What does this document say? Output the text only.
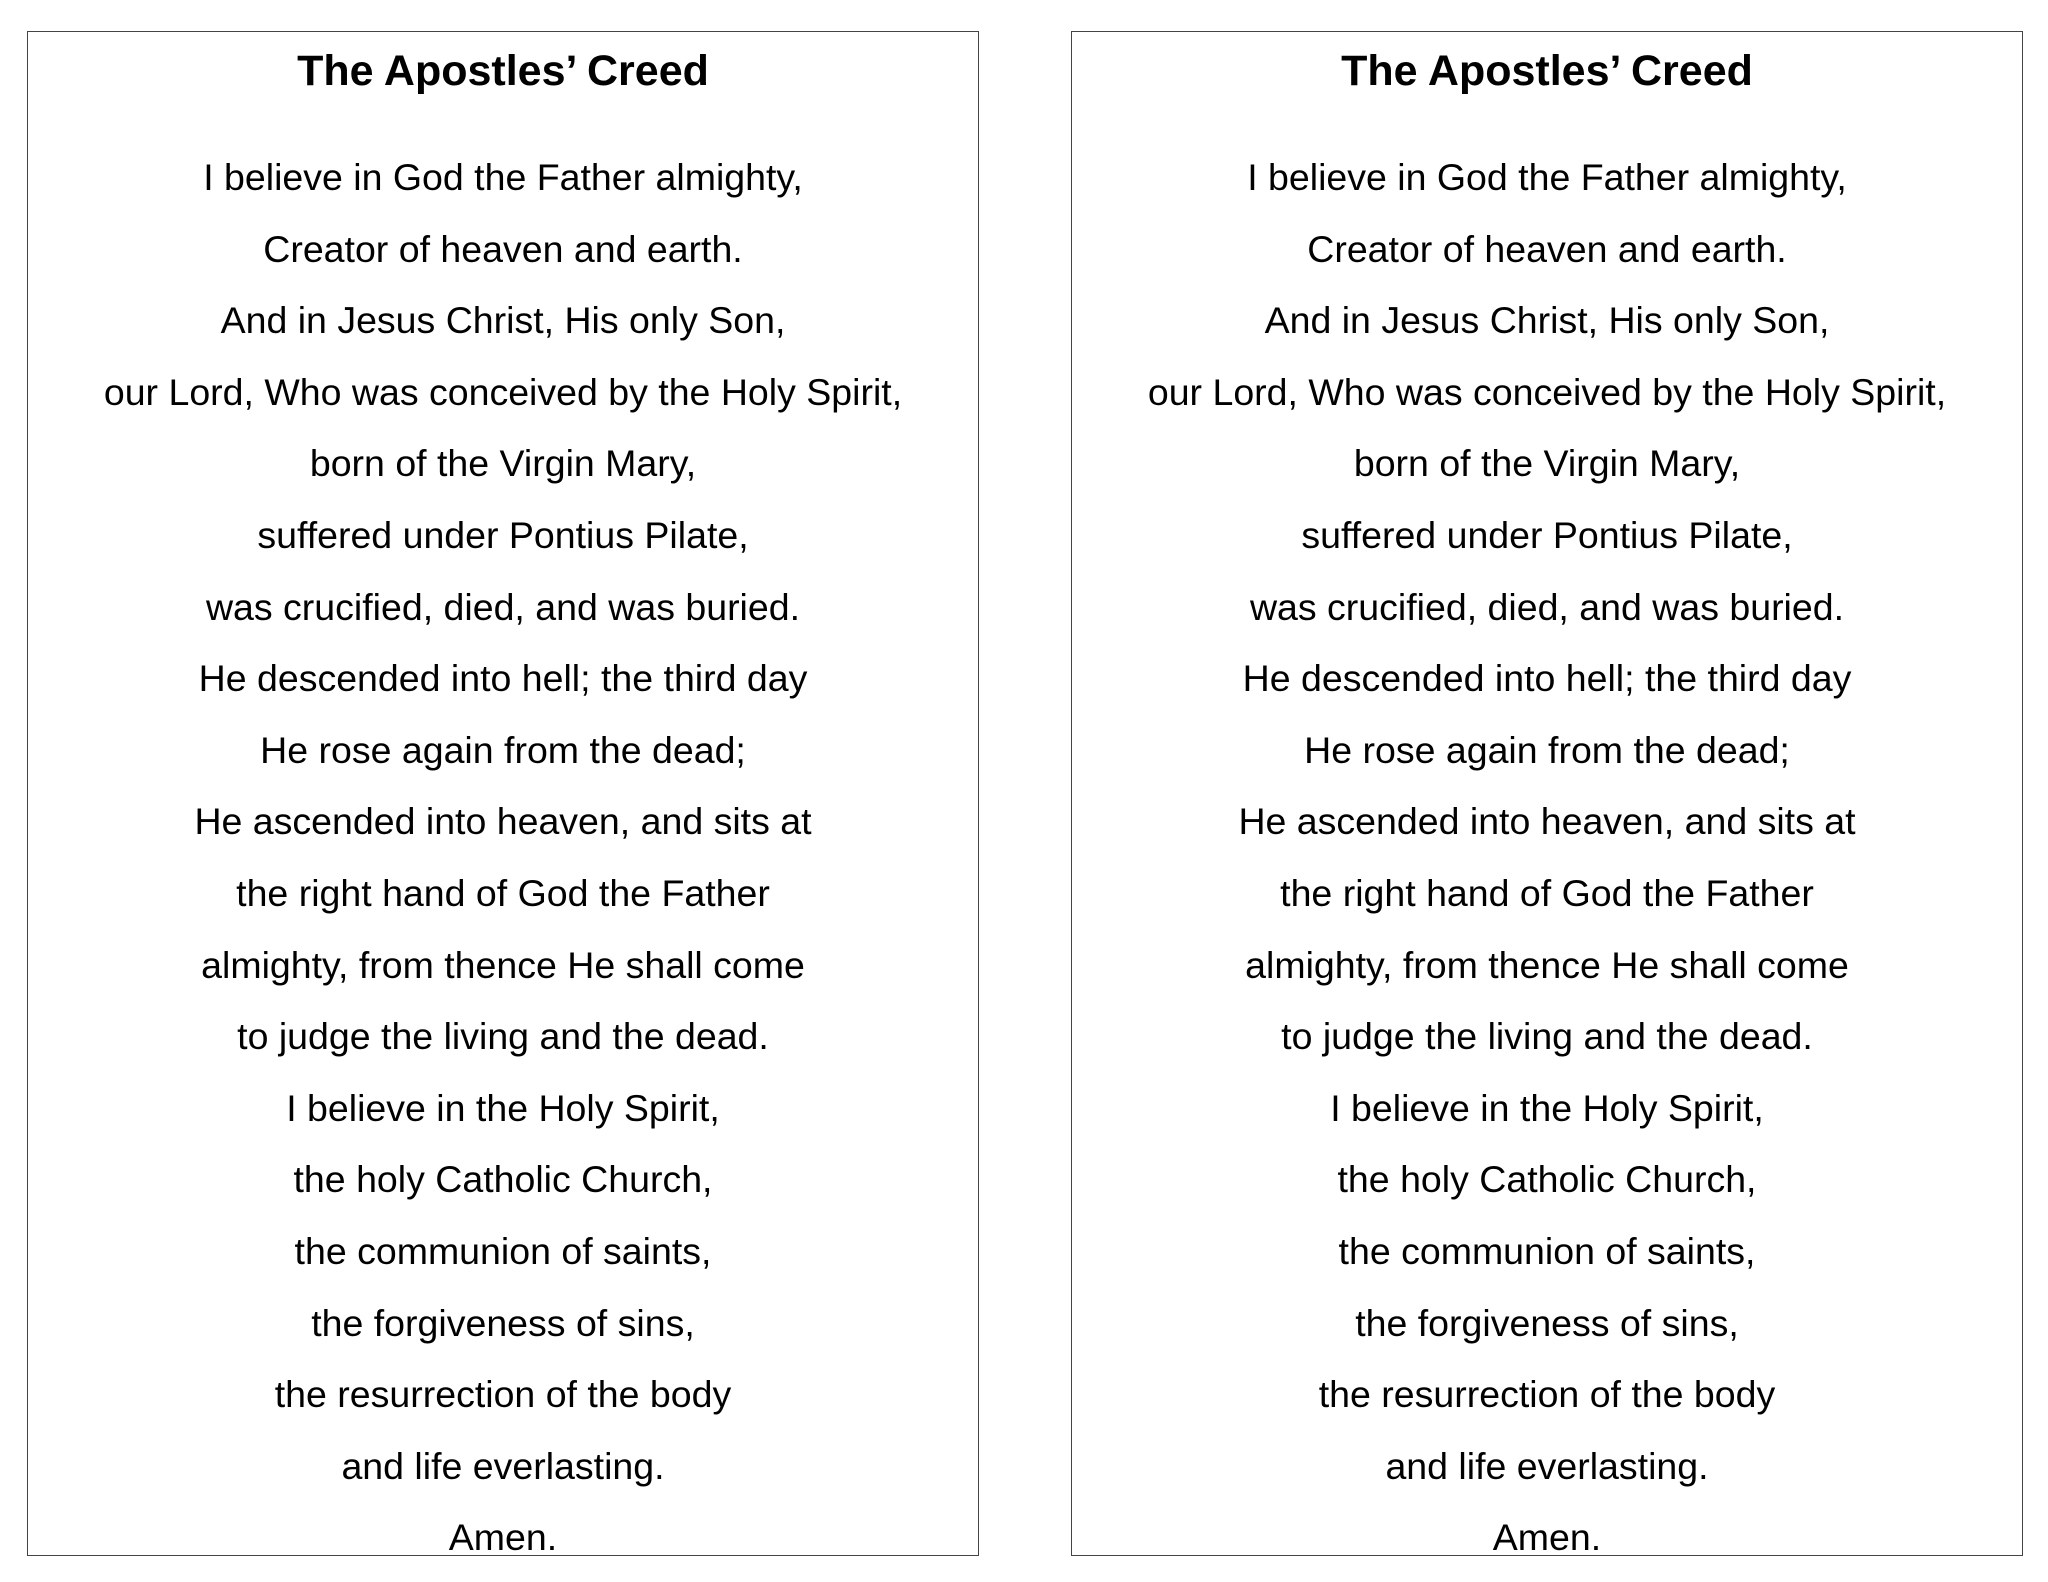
The Apostles’ Creed
I believe in God the Father almighty,
Creator of heaven and earth.
And in Jesus Christ, His only Son,
our Lord, Who was conceived by the Holy Spirit,
born of the Virgin Mary,
suffered under Pontius Pilate,
was crucified, died, and was buried.
He descended into hell; the third day
He rose again from the dead;
He ascended into heaven, and sits at
the right hand of God the Father
almighty, from thence He shall come
to judge the living and the dead.
I believe in the Holy Spirit,
the holy Catholic Church,
the communion of saints,
the forgiveness of sins,
the resurrection of the body
and life everlasting.
Amen.
The Apostles’ Creed
I believe in God the Father almighty,
Creator of heaven and earth.
And in Jesus Christ, His only Son,
our Lord, Who was conceived by the Holy Spirit,
born of the Virgin Mary,
suffered under Pontius Pilate,
was crucified, died, and was buried.
He descended into hell; the third day
He rose again from the dead;
He ascended into heaven, and sits at
the right hand of God the Father
almighty, from thence He shall come
to judge the living and the dead.
I believe in the Holy Spirit,
the holy Catholic Church,
the communion of saints,
the forgiveness of sins,
the resurrection of the body
and life everlasting.
Amen.
